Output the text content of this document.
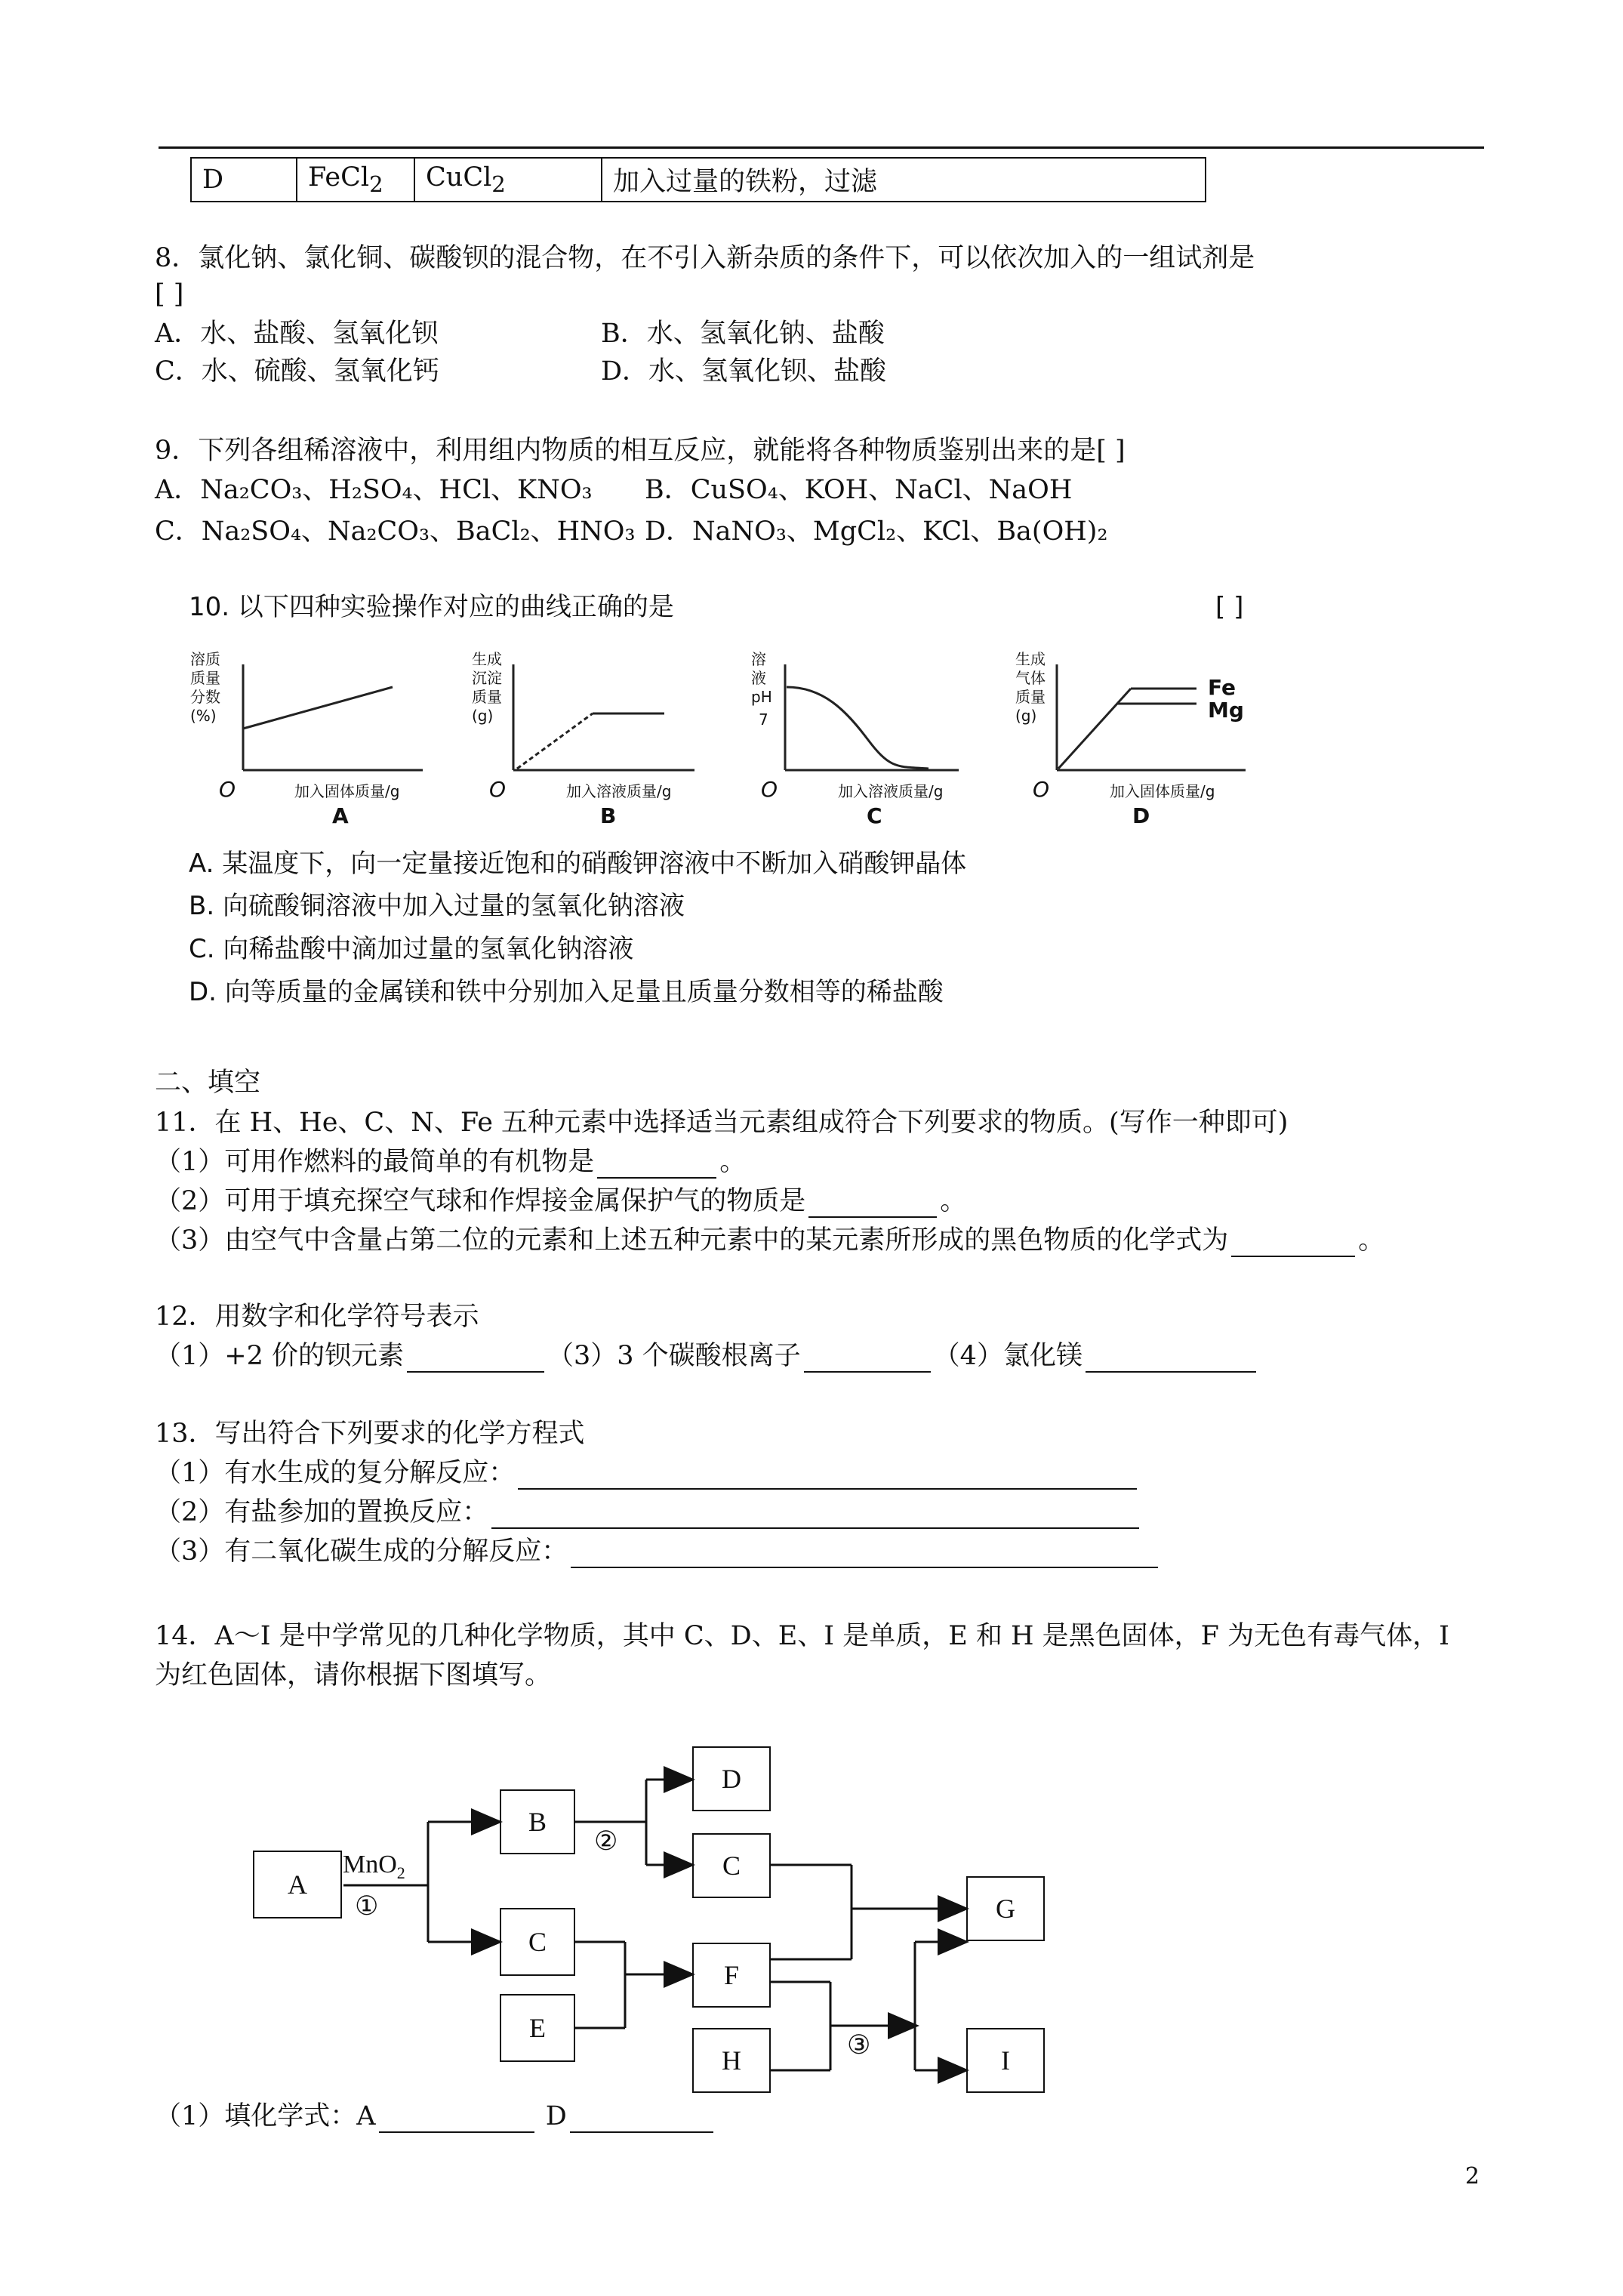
D	FeCl$_2$	CuCl$_2$	加入过量的铁粉，过滤
8．氯化钠、氯化铜、碳酸钡的混合物，在不引入新杂质的条件下，可以依次加入的一组试剂是
[ ]
A．水、盐酸、氢氧化钡	B．水、氢氧化钠、盐酸
C．水、硫酸、氢氧化钙	D．水、氢氧化钡、盐酸
9．下列各组稀溶液中，利用组内物质的相互反应，就能将各种物质鉴别出来的是[ ]
A．Na₂CO₃、H₂SO₄、HCl、KNO₃ B．CuSO₄、KOH、NaCl、NaOH
C．Na₂SO₄、Na₂CO₃、BaCl₂、HNO₃ D．NaNO₃、MgCl₂、KCl、Ba(OH)₂
10. 以下四种实验操作对应的曲线正确的是	[ ]
溶质
质量
分数
(%)
O	加入固体质量/g
A
生成
沉淀
质量
(g)
O	加入溶液质量/g
B
溶
液
pH
7
O	加入溶液质量/g
C
生成
气体
质量
(g)
O	加入固体质量/g
D
Fe
Mg
A. 某温度下，向一定量接近饱和的硝酸钾溶液中不断加入硝酸钾晶体
B. 向硫酸铜溶液中加入过量的氢氧化钠溶液
C. 向稀盐酸中滴加过量的氢氧化钠溶液
D. 向等质量的金属镁和铁中分别加入足量且质量分数相等的稀盐酸
二、填空
11．在 H、He、C、N、Fe 五种元素中选择适当元素组成符合下列要求的物质。(写作一种即可)
（1）可用作燃料的最简单的有机物是	。
（2）可用于填充探空气球和作焊接金属保护气的物质是	。
（3）由空气中含量占第二位的元素和上述五种元素中的某元素所形成的黑色物质的化学式为	。
12．用数字和化学符号表示
（1）+2 价的钡元素	（3）3 个碳酸根离子	（4）氯化镁
13．写出符合下列要求的化学方程式
（1）有水生成的复分解反应：
（2）有盐参加的置换反应：
（3）有二氧化碳生成的分解反应：
14．A～I 是中学常见的几种化学物质，其中 C、D、E、I 是单质，E 和 H 是黑色固体，F 为无色有毒气体，I
为红色固体，请你根据下图填写。
A
B
D
C
C
E
F
H
G
I
MnO$_2$
①
②
③
（1）填化学式：A	D
2
